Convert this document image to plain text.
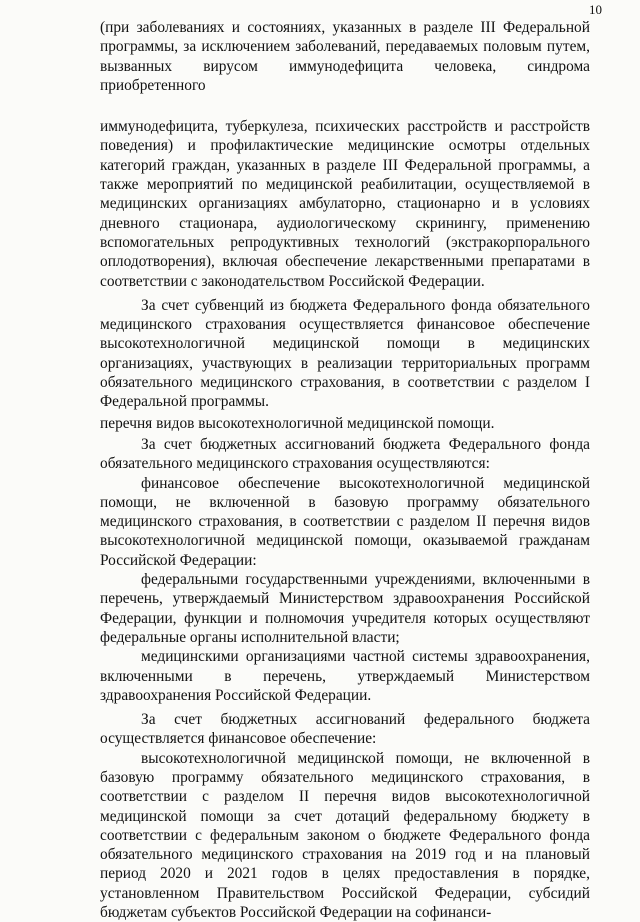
10

(при заболеваниях и состояниях, указанных в разделе III Федеральной программы, за исключением заболеваний, передаваемых половым путем, вызванных вирусом иммунодефицита человека, синдрома приобретенного

иммунодефицита, туберкулеза, психических расстройств и расстройств поведения) и профилактические медицинские осмотры отдельных категорий граждан, указанных в разделе III Федеральной программы, а также мероприятий по медицинской реабилитации, осуществляемой в медицинских организациях амбулаторно, стационарно и в условиях дневного стационара, аудиологическому скринингу, применению вспомогательных репродуктивных технологий (экстракорпорального оплодотворения), включая обеспечение лекарственными препаратами в соответствии с законодательством Российской Федерации.

За счет субвенций из бюджета Федерального фонда обязательного медицинского страхования осуществляется финансовое обеспечение высокотехнологичной медицинской помощи в медицинских организациях, участвующих в реализации территориальных программ обязательного медицинского страхования, в соответствии с разделом I Федеральной программы.

перечня видов высокотехнологичной медицинской помощи.

За счет бюджетных ассигнований бюджета Федерального фонда обязательного медицинского страхования осуществляются:

финансовое обеспечение высокотехнологичной медицинской помощи, не включенной в базовую программу обязательного медицинского страхования, в соответствии с разделом II перечня видов высокотехнологичной медицинской помощи, оказываемой гражданам Российской Федерации:

федеральными государственными учреждениями, включенными в перечень, утверждаемый Министерством здравоохранения Российской Федерации, функции и полномочия учредителя которых осуществляют федеральные органы исполнительной власти;

медицинскими организациями частной системы здравоохранения, включенными в перечень, утверждаемый Министерством здравоохранения Российской Федерации.

За счет бюджетных ассигнований федерального бюджета осуществляется финансовое обеспечение:

высокотехнологичной медицинской помощи, не включенной в базовую программу обязательного медицинского страхования, в соответствии с разделом II перечня видов высокотехнологичной медицинской помощи за счет дотаций федеральному бюджету в соответствии с федеральным законом о бюджете Федерального фонда обязательного медицинского страхования на 2019 год и на плановый период 2020 и 2021 годов в целях предоставления в порядке, установленном Правительством Российской Федерации, субсидий бюджетам субъектов Российской Федерации на софинанси-
